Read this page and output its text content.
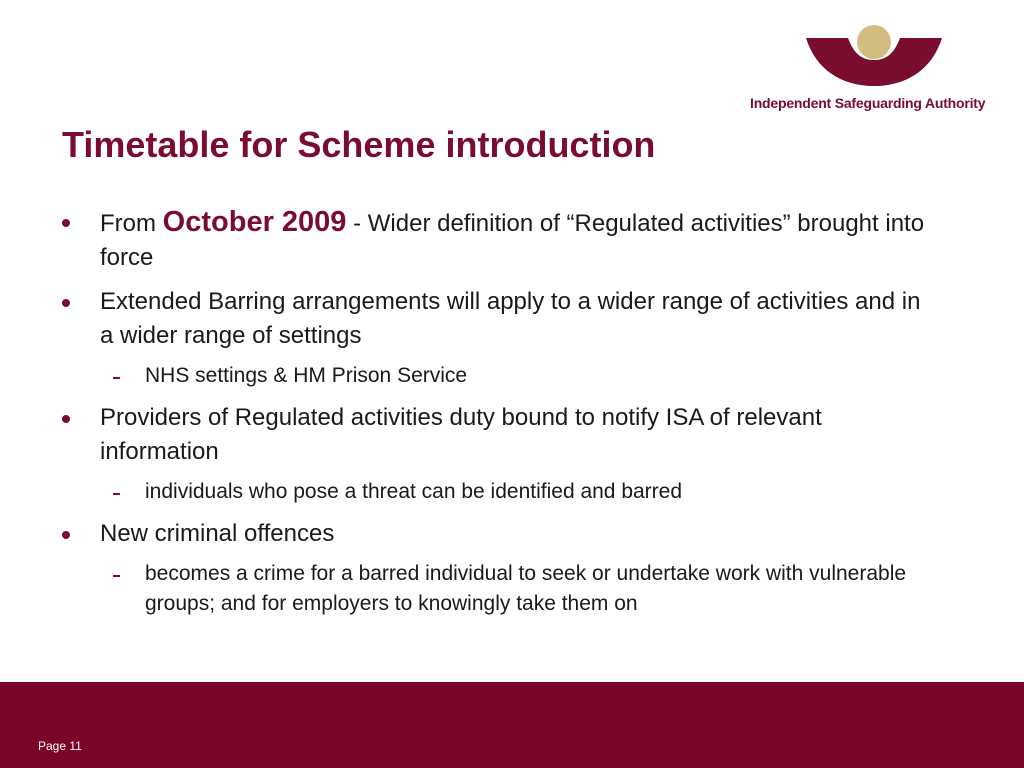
Independent Safeguarding Authority
Timetable for Scheme introduction
From October 2009 - Wider definition of “Regulated activities” brought into force
Extended Barring arrangements will apply to a wider range of activities and in a wider range of settings
NHS settings & HM Prison Service
Providers of Regulated activities duty bound to notify ISA of relevant information
individuals who pose a threat can be identified and barred
New criminal offences
becomes a crime for a barred individual to seek or undertake work with vulnerable groups; and for employers to knowingly take them on
Page 11
